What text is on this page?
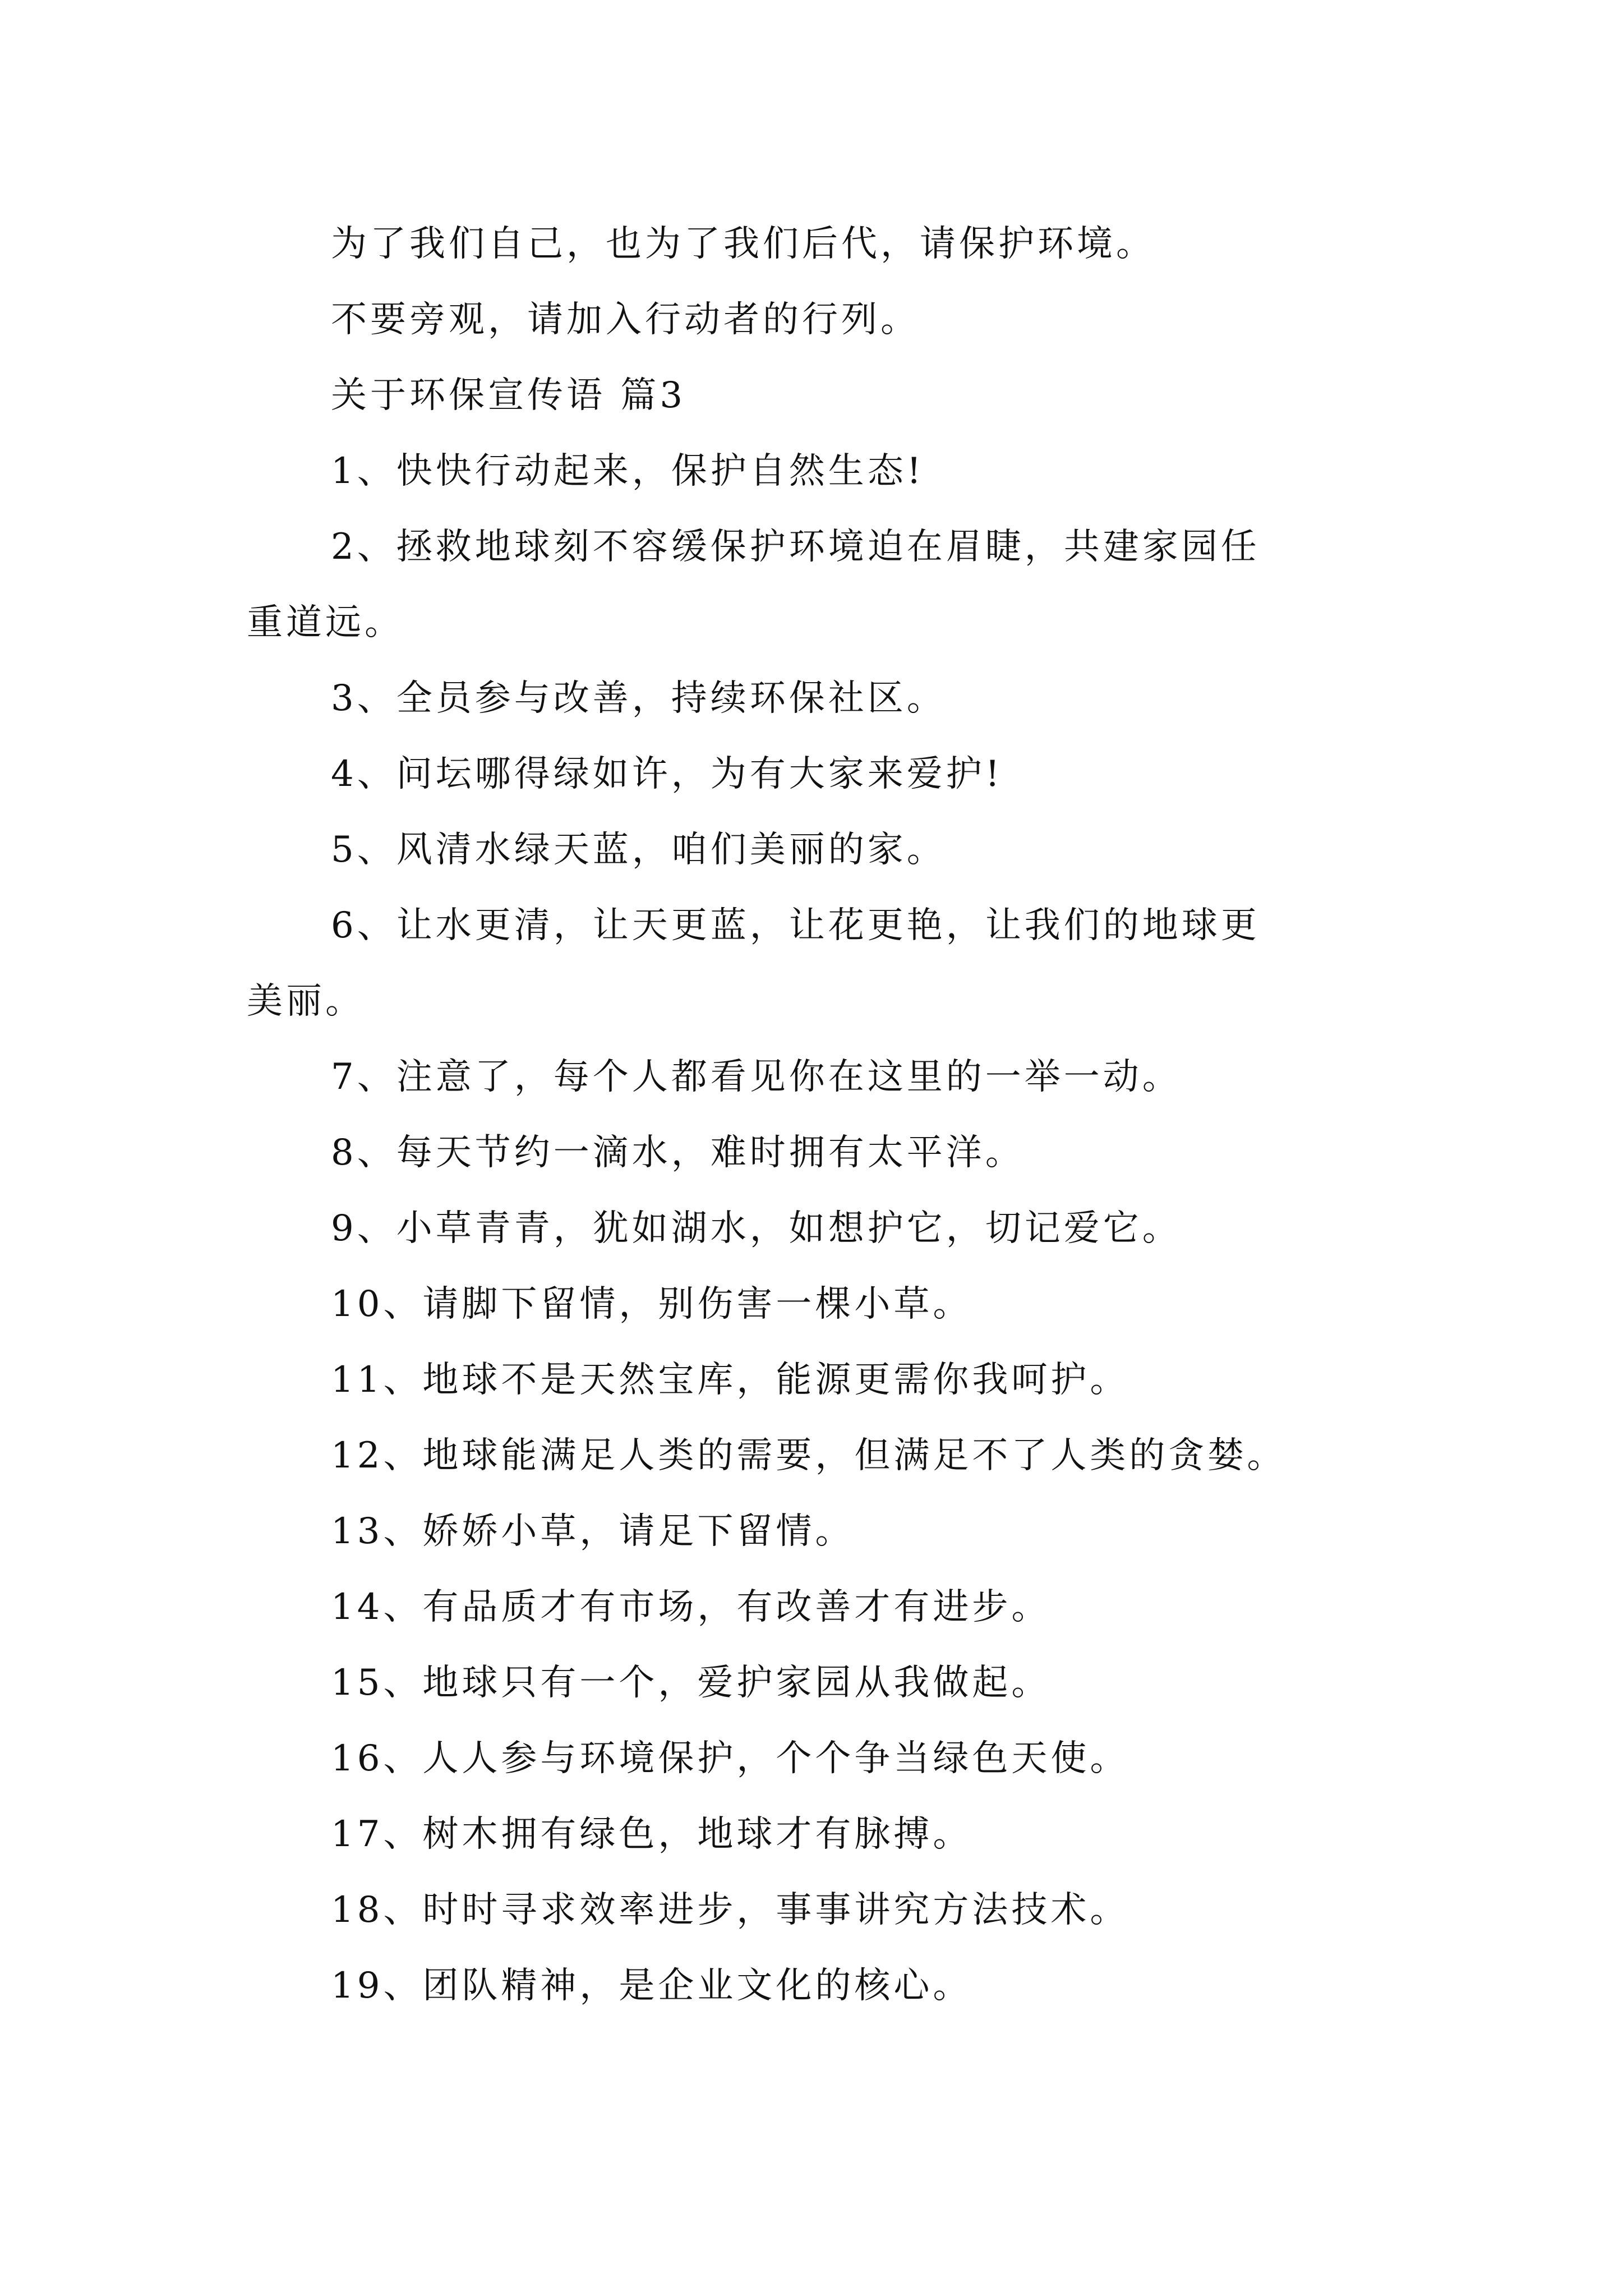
为了我们自己，也为了我们后代，请保护环境。
不要旁观，请加入行动者的行列。
关于环保宣传语 篇3
1、快快行动起来，保护自然生态!
2、拯救地球刻不容缓保护环境迫在眉睫，共建家园任
重道远。
3、全员参与改善，持续环保社区。
4、问坛哪得绿如许，为有大家来爱护!
5、风清水绿天蓝，咱们美丽的家。
6、让水更清，让天更蓝，让花更艳，让我们的地球更
美丽。
7、注意了，每个人都看见你在这里的一举一动。
8、每天节约一滴水，难时拥有太平洋。
9、小草青青，犹如湖水，如想护它，切记爱它。
10、请脚下留情，别伤害一棵小草。
11、地球不是天然宝库，能源更需你我呵护。
12、地球能满足人类的需要，但满足不了人类的贪婪。
13、娇娇小草，请足下留情。
14、有品质才有市场，有改善才有进步。
15、地球只有一个，爱护家园从我做起。
16、人人参与环境保护，个个争当绿色天使。
17、树木拥有绿色，地球才有脉搏。
18、时时寻求效率进步，事事讲究方法技术。
19、团队精神，是企业文化的核心。
